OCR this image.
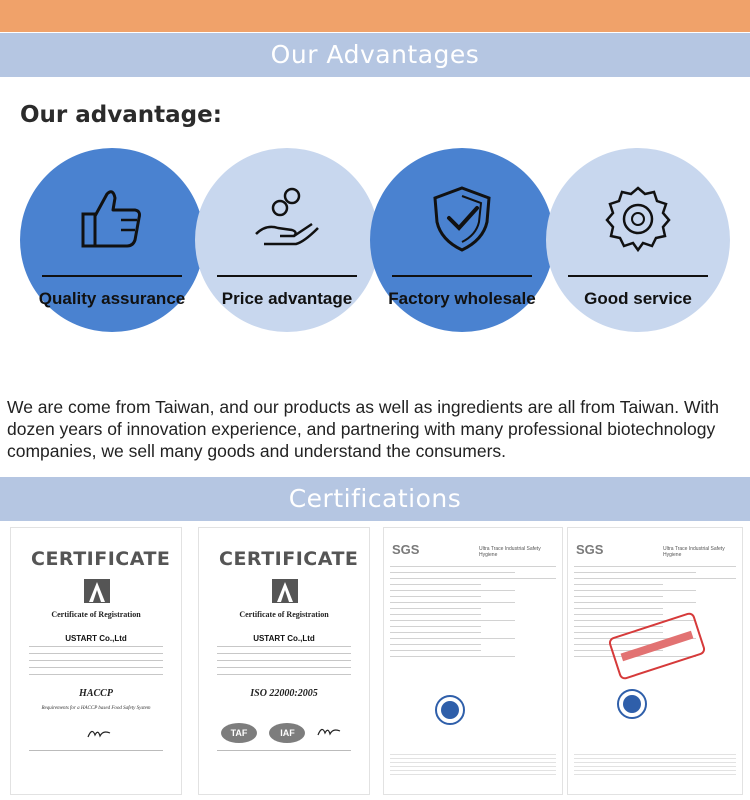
Our Advantages
Our advantage:
Quality assurance	Price advantage	Factory wholesale	Good service

We are come from Taiwan, and our products as well as ingredients are all from Taiwan. With dozen years of innovation experience, and partnering with many professional biotechnology companies, we sell many goods and understand the consumers.

Certifications
CERTIFICATE
Certificate of Registration
USTART Co.,Ltd
HACCP
Requirements for a HACCP based Food Safety System
CERTIFICATE
Certificate of Registration
USTART Co.,Ltd
ISO 22000:2005
TAF	IAF
SGS	Ultra Trace Industrial Safety Hygiene	SGS	Ultra Trace Industrial Safety Hygiene
